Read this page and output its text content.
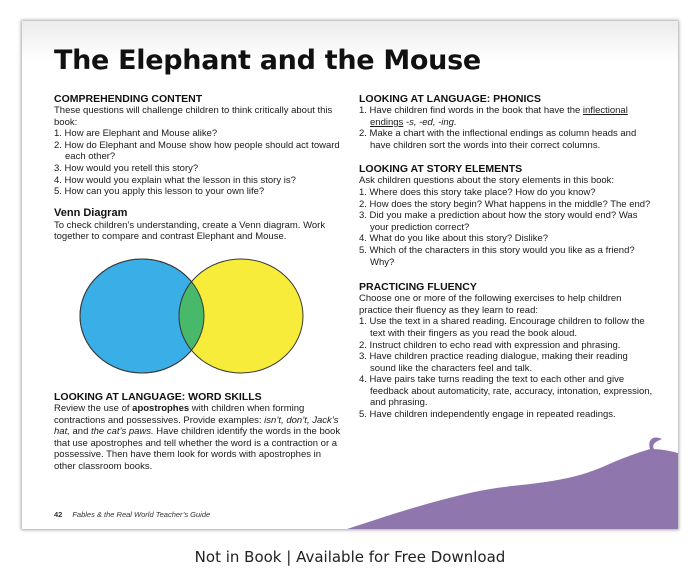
The Elephant and the Mouse
COMPREHENDING CONTENT

These questions will challenge children to think critically about this book:

1. How are Elephant and Mouse alike?
2. How do Elephant and Mouse show how people should act toward each other?
3. How would you retell this story?
4. How would you explain what the lesson in this story is?
5. How can you apply this lesson to your own life?
Venn Diagram

To check children’s understanding, create a Venn diagram. Work together to compare and contrast Elephant and Mouse.

LOOKING AT LANGUAGE: WORD SKILLS

Review the use of apostrophes with children when forming contractions and possessives. Provide examples: isn’t, don’t, Jack’s hat, and the cat’s paws. Have children identify the words in the book that use apostrophes and tell whether the word is a contraction or a possessive. Then have them look for words with apostrophes in other classroom books.

LOOKING AT LANGUAGE: PHONICS
1. Have children find words in the book that have the inflectional endings -s, -ed, -ing.
2. Make a chart with the inflectional endings as column heads and have children sort the words into their correct columns.
LOOKING AT STORY ELEMENTS

Ask children questions about the story elements in this book:

1. Where does this story take place? How do you know?
2. How does the story begin? What happens in the middle? The end?
3. Did you make a prediction about how the story would end? Was your prediction correct?
4. What do you like about this story? Dislike?
5. Which of the characters in this story would you like as a friend? Why?
PRACTICING FLUENCY

Choose one or more of the following exercises to help children practice their fluency as they learn to read:

1. Use the text in a shared reading. Encourage children to follow the text with their fingers as you read the book aloud.
2. Instruct children to echo read with expression and phrasing.
3. Have children practice reading dialogue, making their reading sound like the characters feel and talk.
4. Have pairs take turns reading the text to each other and give feedback about automaticity, rate, accuracy, intonation, expression, and phrasing.
5. Have children independently engage in repeated readings.
42 Fables & the Real World Teacher’s Guide
Not in Book | Available for Free Download
